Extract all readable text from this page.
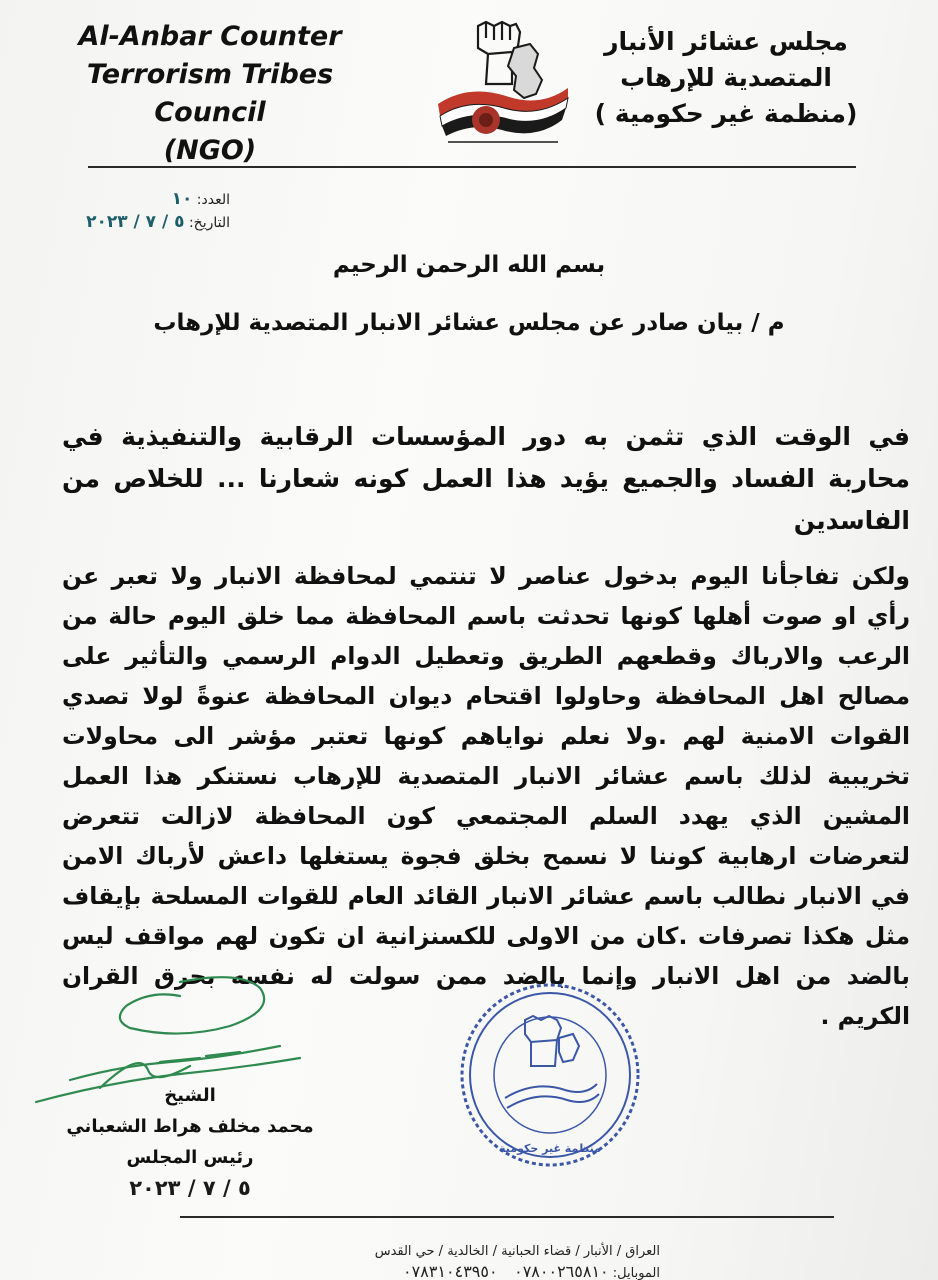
Al-Anbar Counter
Terrorism Tribes Council
(NGO)
مجلس عشائر الأنبار
المتصدية للإرهاب
(منظمة غير حكومية )
العدد: ١٠
التاريخ: ٥ / ٧ / ٢٠٢٣
بسم الله الرحمن الرحيم
م / بيان صادر عن مجلس عشائر الانبار المتصدية للإرهاب

في الوقت الذي تثمن به دور المؤسسات الرقابية والتنفيذية في محاربة الفساد والجميع يؤيد هذا العمل كونه شعارنا ... للخلاص من الفاسدين

ولكن تفاجأنا اليوم بدخول عناصر لا تنتمي لمحافظة الانبار ولا تعبر عن رأي او صوت أهلها كونها تحدثت باسم المحافظة مما خلق اليوم حالة من الرعب والارباك وقطعهم الطريق وتعطيل الدوام الرسمي والتأثير على مصالح اهل المحافظة وحاولوا اقتحام ديوان المحافظة عنوةً لولا تصدي القوات الامنية لهم .ولا نعلم نواياهم كونها تعتبر مؤشر الى محاولات تخريبية لذلك باسم عشائر الانبار المتصدية للإرهاب نستنكر هذا العمل المشين الذي يهدد السلم المجتمعي كون المحافظة لازالت تتعرض لتعرضات ارهابية كوننا لا نسمح بخلق فجوة يستغلها داعش لأرباك الامن في الانبار نطالب باسم عشائر الانبار القائد العام للقوات المسلحة بإيقاف مثل هكذا تصرفات .كان من الاولى للكسنزانية ان تكون لهم مواقف ليس بالضد من اهل الانبار وإنما بالضد ممن سولت له نفسه بحرق القران الكريم .

الشيخ
محمد مخلف هراط الشعباني
رئيس المجلس
٥ / ٧ / ٢٠٢٣
منظمة غير حكومية
العراق / الأنبار / قضاء الحبانية / الخالدية / حي القدس
الموبايل: ٠٧٨٠٠٢٦٥٨١٠    ٠٧٨٣١٠٤٣٩٥٠
